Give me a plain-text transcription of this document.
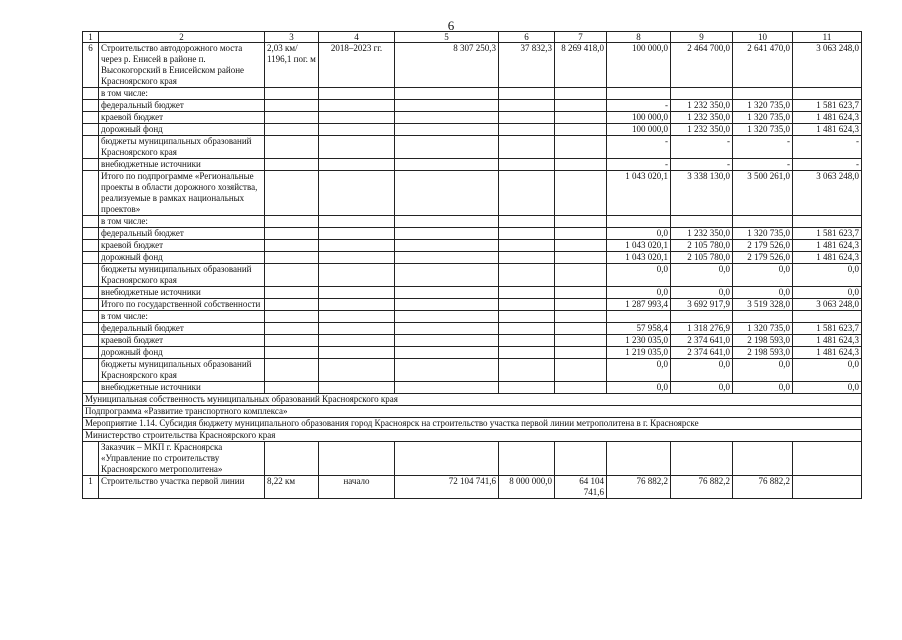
6
1	2	3	4	5	6	7	8	9	10	11
6	Строительство автодорожного моста через р. Енисей в районе п. Высокогорский в Енисейском районе Красноярского края	2,03 км/ 1196,1 пог. м	2018–2023 гг.	8 307 250,3	37 832,3	8 269 418,0	100 000,0	2 464 700,0	2 641 470,0	3 063 248,0
	в том числе:									
	федеральный бюджет						-	1 232 350,0	1 320 735,0	1 581 623,7
	краевой бюджет						100 000,0	1 232 350,0	1 320 735,0	1 481 624,3
	дорожный фонд						100 000,0	1 232 350,0	1 320 735,0	1 481 624,3
	бюджеты муниципальных образований Красноярского края						-	-	-	-
	внебюджетные источники						-	-	-	-
	Итого по подпрограмме «Региональные проекты в области дорожного хозяйства, реализуемые в рамках национальных проектов»						1 043 020,1	3 338 130,0	3 500 261,0	3 063 248,0
	в том числе:									
	федеральный бюджет						0,0	1 232 350,0	1 320 735,0	1 581 623,7
	краевой бюджет						1 043 020,1	2 105 780,0	2 179 526,0	1 481 624,3
	дорожный фонд						1 043 020,1	2 105 780,0	2 179 526,0	1 481 624,3
	бюджеты муниципальных образований Красноярского края						0,0	0,0	0,0	0,0
	внебюджетные источники						0,0	0,0	0,0	0,0
	Итого по государственной собственности						1 287 993,4	3 692 917,9	3 519 328,0	3 063 248,0
	в том числе:									
	федеральный бюджет						57 958,4	1 318 276,9	1 320 735,0	1 581 623,7
	краевой бюджет						1 230 035,0	2 374 641,0	2 198 593,0	1 481 624,3
	дорожный фонд						1 219 035,0	2 374 641,0	2 198 593,0	1 481 624,3
	бюджеты муниципальных образований Красноярского края						0,0	0,0	0,0	0,0
	внебюджетные источники						0,0	0,0	0,0	0,0
Муниципальная собственность муниципальных образований Красноярского края										
Подпрограмма «Развитие транспортного комплекса»										
Мероприятие 1.14. Субсидия бюджету муниципального образования город Красноярск на строительство участка первой линии метрополитена в г. Красноярске										
Министерство строительства Красноярского края										
	Заказчик – МКП г. Красноярска «Управление по строительству Красноярского метрополитена»									
1	Строительство участка первой линии	8,22 км	начало	72 104 741,6	8 000 000,0	64 104 741,6	76 882,2	76 882,2	76 882,2	
